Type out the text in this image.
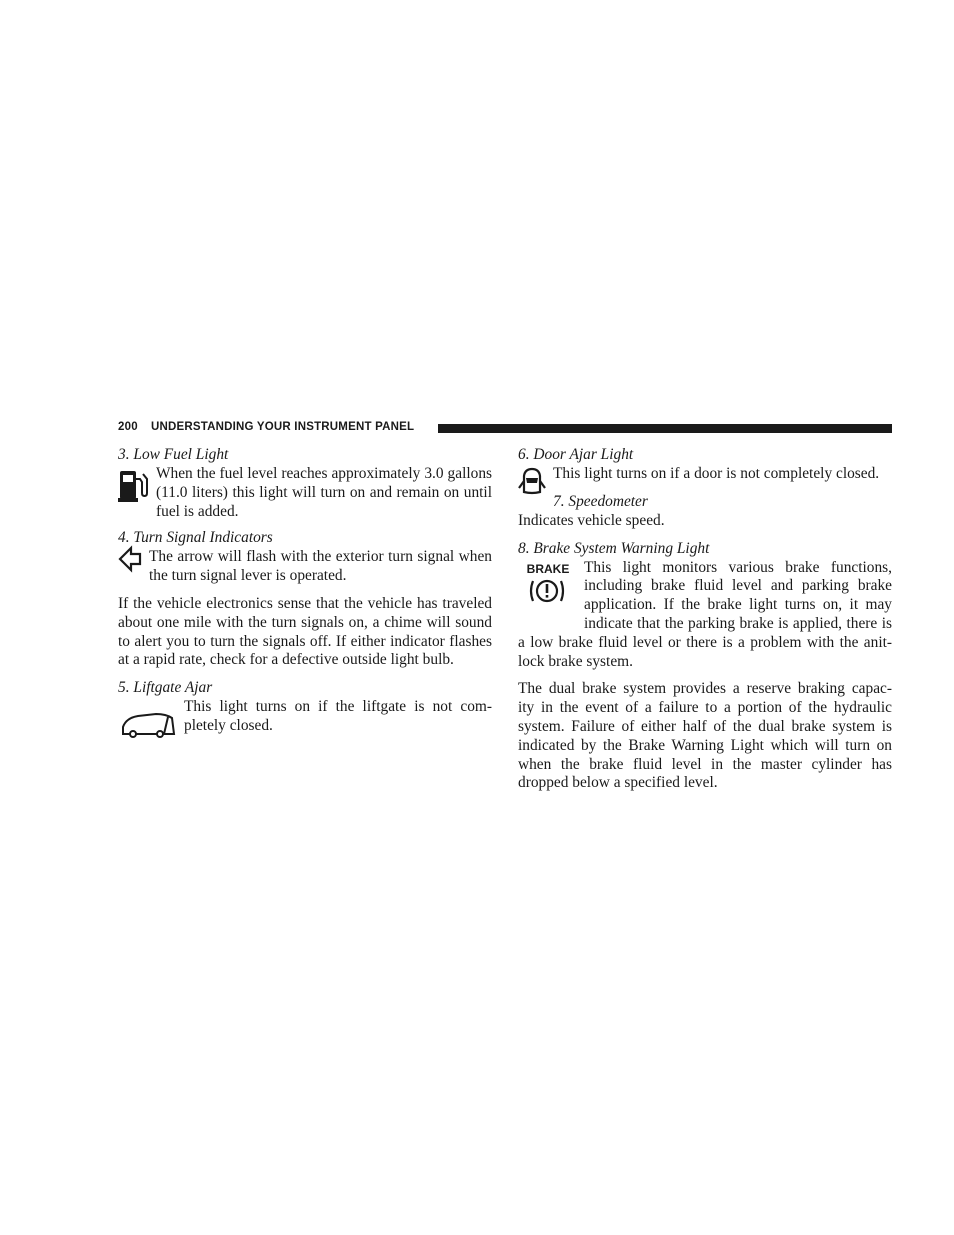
200 UNDERSTANDING YOUR INSTRUMENT PANEL

3. Low Fuel Light

When the fuel level reaches approximately 3.0 gallons (11.0 liters) this light will turn on and remain on until fuel is added.

4. Turn Signal Indicators

The arrow will flash with the exterior turn signal when the turn signal lever is operated.

If the vehicle electronics sense that the vehicle has traveled about one mile with the turn signals on, a chime will sound to alert you to turn the signals off. If either indicator flashes at a rapid rate, check for a defective outside light bulb.

5. Liftgate Ajar

This light turns on if the liftgate is not com-

pletely closed.

6. Door Ajar Light

This light turns on if a door is not completely closed.

7. Speedometer

Indicates vehicle speed.

8. Brake System Warning Light

BRAKE This light monitors various brake functions, including brake fluid level and parking brake application. If the brake light turns on, it may indicate that the parking brake is applied, there is a low brake fluid level or there is a problem with the anit-lock brake system.

The dual brake system provides a reserve braking capac-

ity in the event of a failure to a portion of the hydraulic system. Failure of either half of the dual brake system is indicated by the Brake Warning Light which will turn on when the brake fluid level in the master cylinder has dropped below a specified level.
